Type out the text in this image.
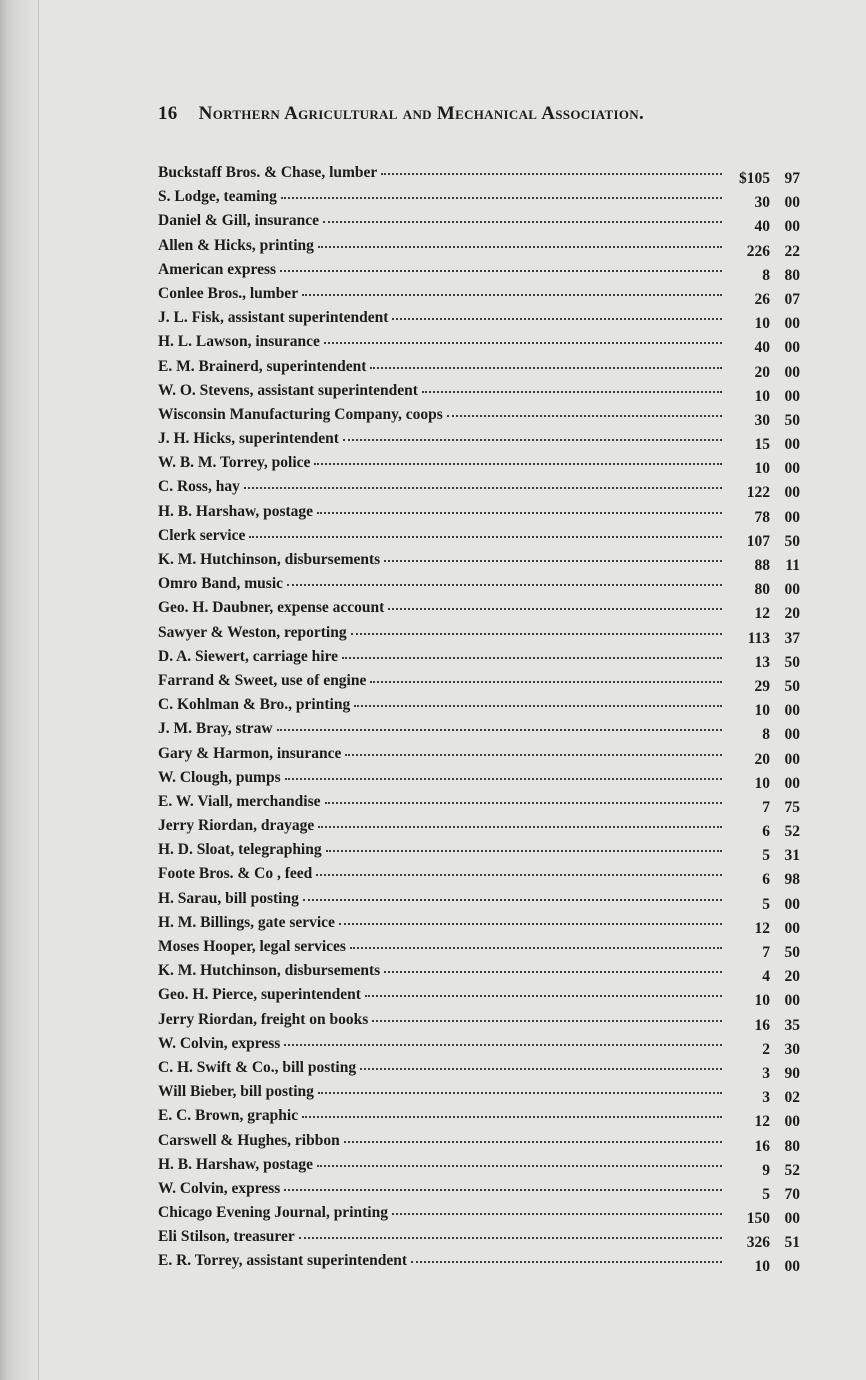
16 Northern Agricultural and Mechanical Association.
Buckstaff Bros. & Chase, lumber	$105 97
S. Lodge, teaming	30 00
Daniel & Gill, insurance	40 00
Allen & Hicks, printing	226 22
American express	8 80
Conlee Bros., lumber	26 07
J. L. Fisk, assistant superintendent	10 00
H. L. Lawson, insurance	40 00
E. M. Brainerd, superintendent	20 00
W. O. Stevens, assistant superintendent	10 00
Wisconsin Manufacturing Company, coops	30 50
J. H. Hicks, superintendent	15 00
W. B. M. Torrey, police	10 00
C. Ross, hay	122 00
H. B. Harshaw, postage	78 00
Clerk service	107 50
K. M. Hutchinson, disbursements	88 11
Omro Band, music	80 00
Geo. H. Daubner, expense account	12 20
Sawyer & Weston, reporting	113 37
D. A. Siewert, carriage hire	13 50
Farrand & Sweet, use of engine	29 50
C. Kohlman & Bro., printing	10 00
J. M. Bray, straw	8 00
Gary & Harmon, insurance	20 00
W. Clough, pumps	10 00
E. W. Viall, merchandise	7 75
Jerry Riordan, drayage	6 52
H. D. Sloat, telegraphing	5 31
Foote Bros. & Co , feed	6 98
H. Sarau, bill posting	5 00
H. M. Billings, gate service	12 00
Moses Hooper, legal services	7 50
K. M. Hutchinson, disbursements	4 20
Geo. H. Pierce, superintendent	10 00
Jerry Riordan, freight on books	16 35
W. Colvin, express	2 30
C. H. Swift & Co., bill posting	3 90
Will Bieber, bill posting	3 02
E. C. Brown, graphic	12 00
Carswell & Hughes, ribbon	16 80
H. B. Harshaw, postage	9 52
W. Colvin, express	5 70
Chicago Evening Journal, printing	150 00
Eli Stilson, treasurer	326 51
E. R. Torrey, assistant superintendent	10 00
